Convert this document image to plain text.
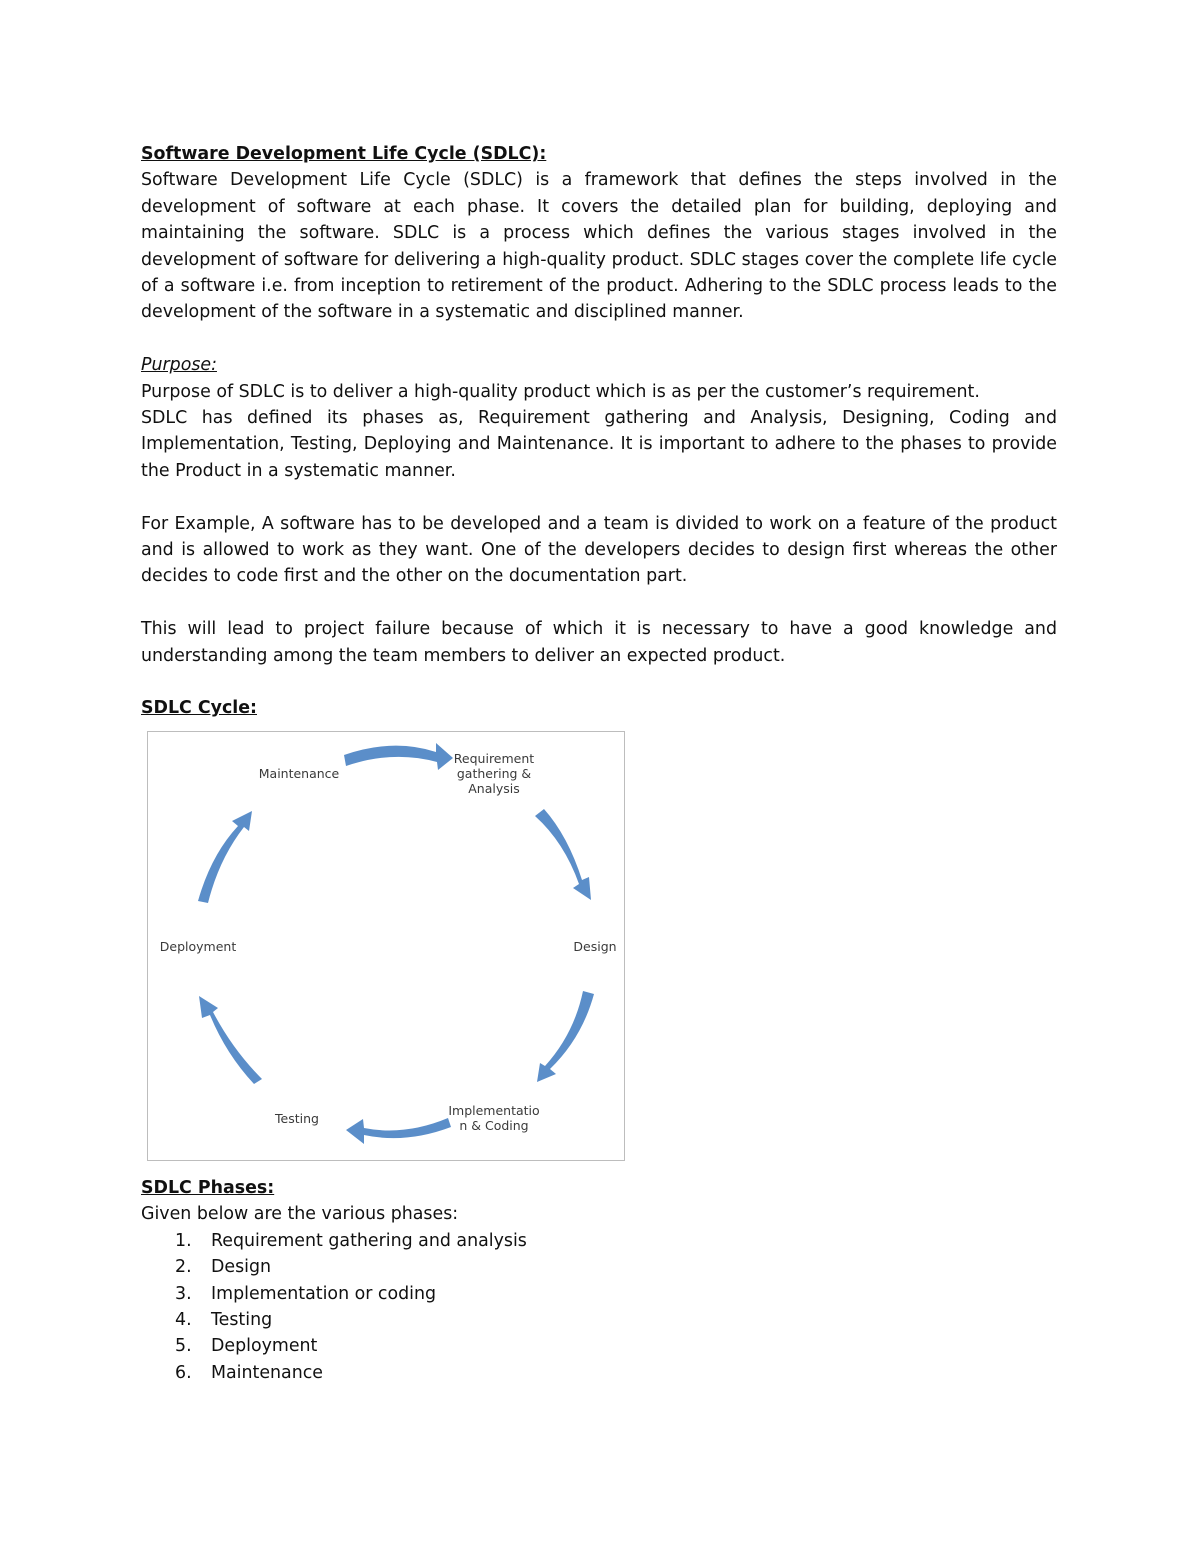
Software Development Life Cycle (SDLC):

Software Development Life Cycle (SDLC) is a framework that defines the steps involved in the development of software at each phase. It covers the detailed plan for building, deploying and maintaining the software. SDLC is a process which defines the various stages involved in the development of software for delivering a high-quality product. SDLC stages cover the complete life cycle of a software i.e. from inception to retirement of the product. Adhering to the SDLC process leads to the development of the software in a systematic and disciplined manner.

Purpose:

Purpose of SDLC is to deliver a high-quality product which is as per the customer’s requirement.

SDLC has defined its phases as, Requirement gathering and Analysis, Designing, Coding and Implementation, Testing, Deploying and Maintenance. It is important to adhere to the phases to provide the Product in a systematic manner.

For Example, A software has to be developed and a team is divided to work on a feature of the product and is allowed to work as they want. One of the developers decides to design first whereas the other decides to code first and the other on the documentation part.

This will lead to project failure because of which it is necessary to have a good knowledge and understanding among the team members to deliver an expected product.

SDLC Cycle:
Maintenance
Requirement
gathering &
Analysis
Design
Implementatio
n & Coding
Testing
Deployment
SDLC Phases:

Given below are the various phases:

1.	Requirement gathering and analysis
2.	Design
3.	Implementation or coding
4.	Testing
5.	Deployment
6.	Maintenance
